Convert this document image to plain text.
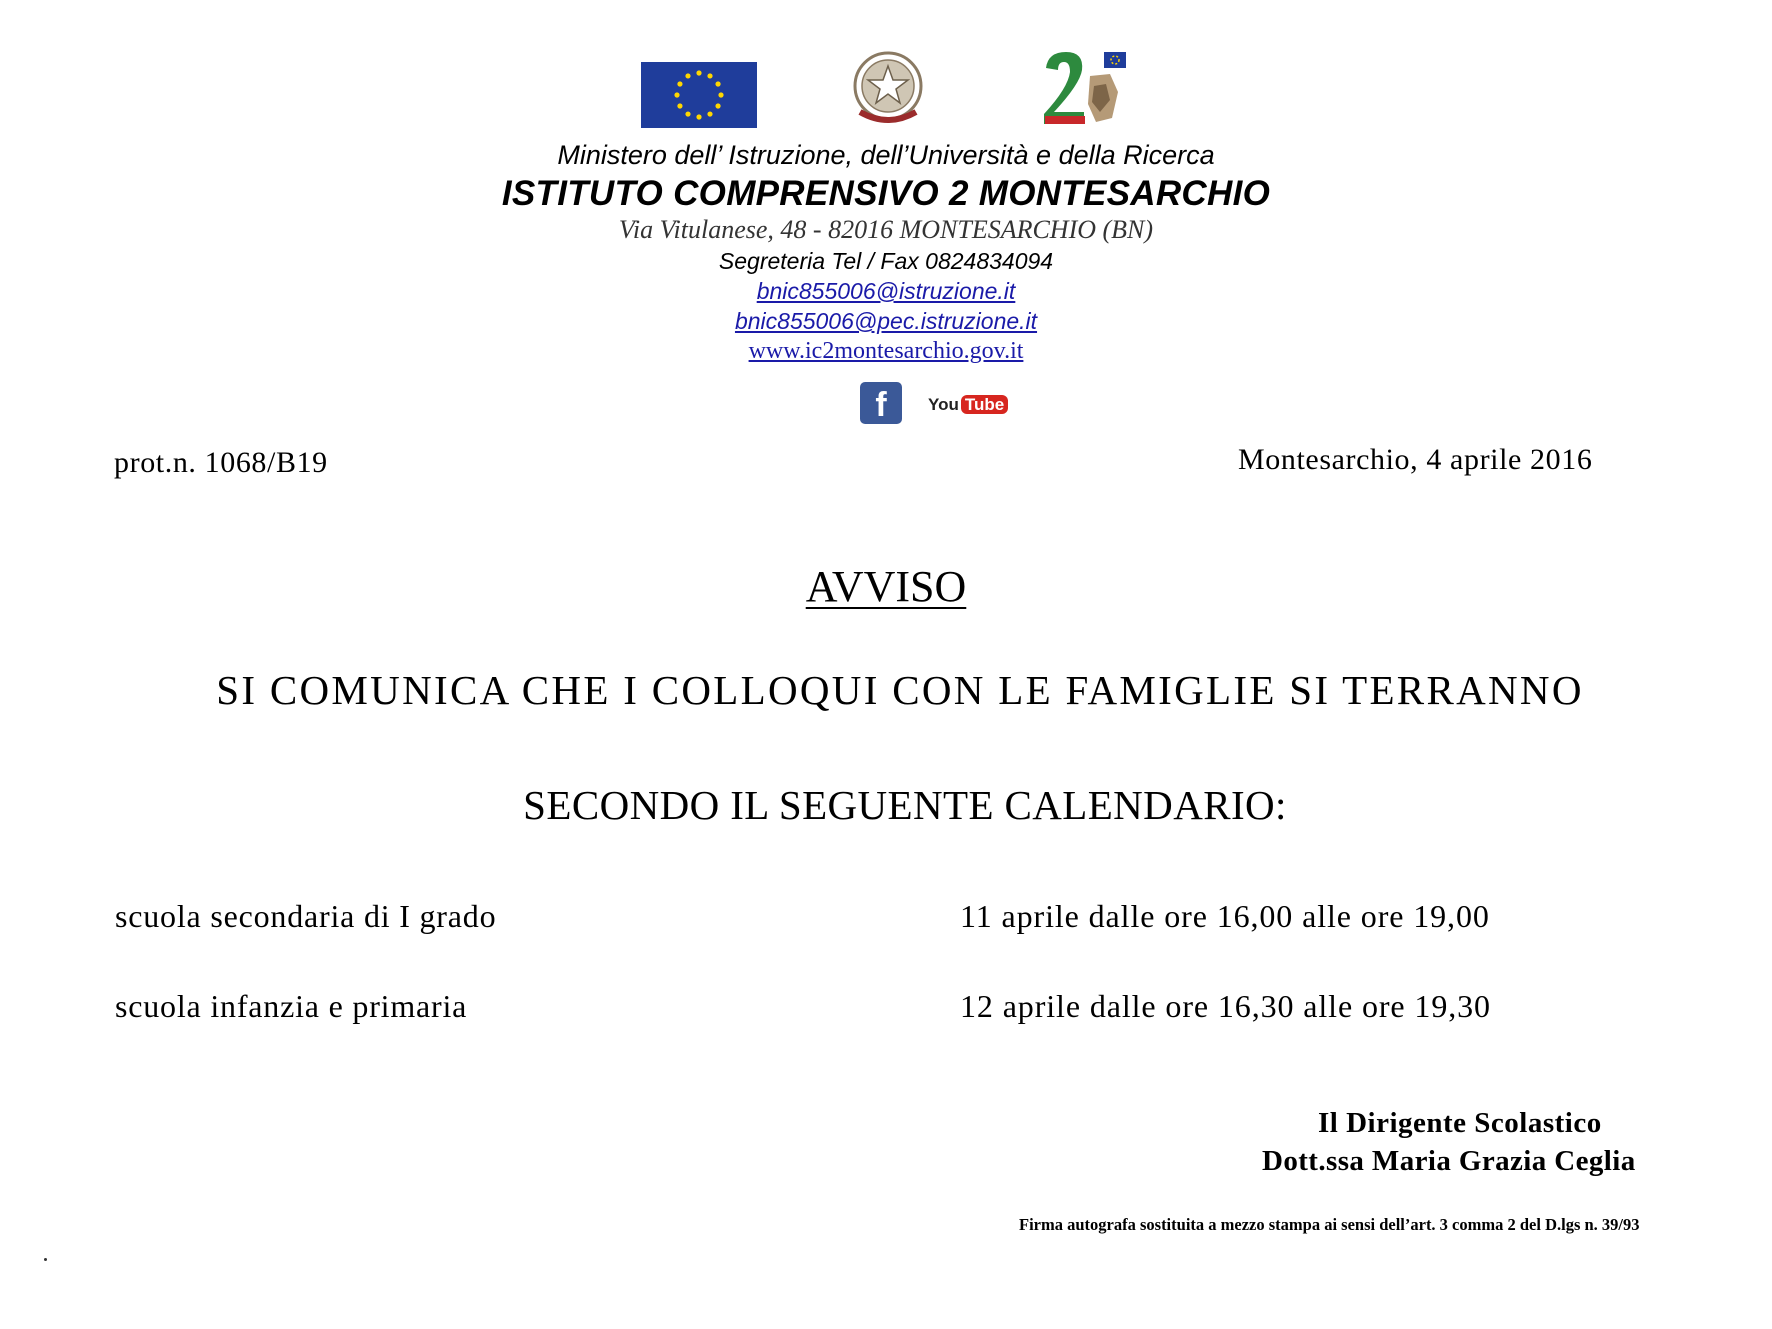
Ministero dell’ Istruzione, dell’Università e della Ricerca
ISTITUTO COMPRENSIVO 2 MONTESARCHIO
Via Vitulanese, 48 - 82016 MONTESARCHIO (BN)
Segreteria Tel / Fax 0824834094
bnic855006@istruzione.it
bnic855006@pec.istruzione.it
www.ic2montesarchio.gov.it
f	You Tube
prot.n. 1068/B19	Montesarchio, 4 aprile 2016
AVVISO
SI COMUNICA CHE I COLLOQUI CON LE FAMIGLIE SI TERRANNO
SECONDO IL SEGUENTE CALENDARIO:
scuola secondaria di I grado	11 aprile dalle ore 16,00 alle ore 19,00
scuola infanzia e primaria	12 aprile dalle ore 16,30 alle ore 19,30
Il Dirigente Scolastico
Dott.ssa Maria Grazia Ceglia
Firma autografa sostituita a mezzo stampa ai sensi dell’art. 3 comma 2 del D.lgs n. 39/93
